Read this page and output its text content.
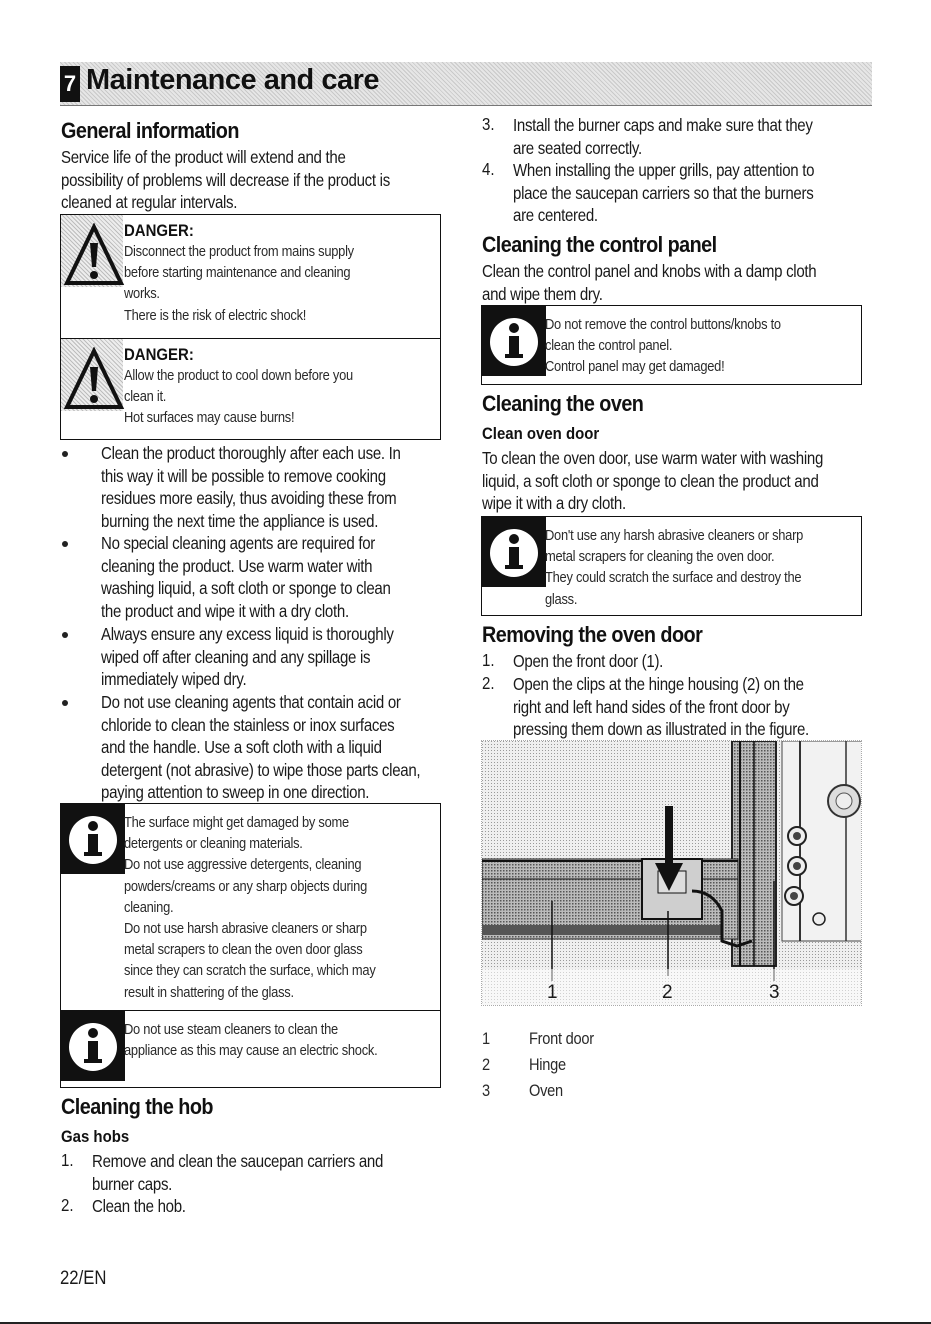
7 Maintenance and care
General information
Service life of the product will extend and the
possibility of problems will decrease if the product is
cleaned at regular intervals.
DANGER:
Disconnect the product from mains supply
before starting maintenance and cleaning
works.
There is the risk of electric shock!
DANGER:
Allow the product to cool down before you
clean it.
Hot surfaces may cause burns!
Clean the product thoroughly after each use. In
this way it will be possible to remove cooking
residues more easily, thus avoiding these from
burning the next time the appliance is used.
No special cleaning agents are required for
cleaning the product. Use warm water with
washing liquid, a soft cloth or sponge to clean
the product and wipe it with a dry cloth.
Always ensure any excess liquid is thoroughly
wiped off after cleaning and any spillage is
immediately wiped dry.
Do not use cleaning agents that contain acid or
chloride to clean the stainless or inox surfaces
and the handle. Use a soft cloth with a liquid
detergent (not abrasive) to wipe those parts clean,
paying attention to sweep in one direction.
The surface might get damaged by some
detergents or cleaning materials.
Do not use aggressive detergents, cleaning
powders/creams or any sharp objects during
cleaning.
Do not use harsh abrasive cleaners or sharp
metal scrapers to clean the oven door glass
since they can scratch the surface, which may
result in shattering of the glass.
Do not use steam cleaners to clean the
appliance as this may cause an electric shock.
Cleaning the hob
Gas hobs
1. Remove and clean the saucepan carriers and
burner caps.
2. Clean the hob.
3. Install the burner caps and make sure that they
are seated correctly.
4. When installing the upper grills, pay attention to
place the saucepan carriers so that the burners
are centered.
Cleaning the control panel
Clean the control panel and knobs with a damp cloth
and wipe them dry.
Do not remove the control buttons/knobs to
clean the control panel.
Control panel may get damaged!
Cleaning the oven
Clean oven door
To clean the oven door, use warm water with washing
liquid, a soft cloth or sponge to clean the product and
wipe it with a dry cloth.
Don't use any harsh abrasive cleaners or sharp
metal scrapers for cleaning the oven door.
They could scratch the surface and destroy the
glass.
Removing the oven door
1. Open the front door (1).
2. Open the clips at the hinge housing (2) on the
right and left hand sides of the front door by
pressing them down as illustrated in the figure.
1	2	3
1 Front door
2 Hinge
3 Oven
22/EN
